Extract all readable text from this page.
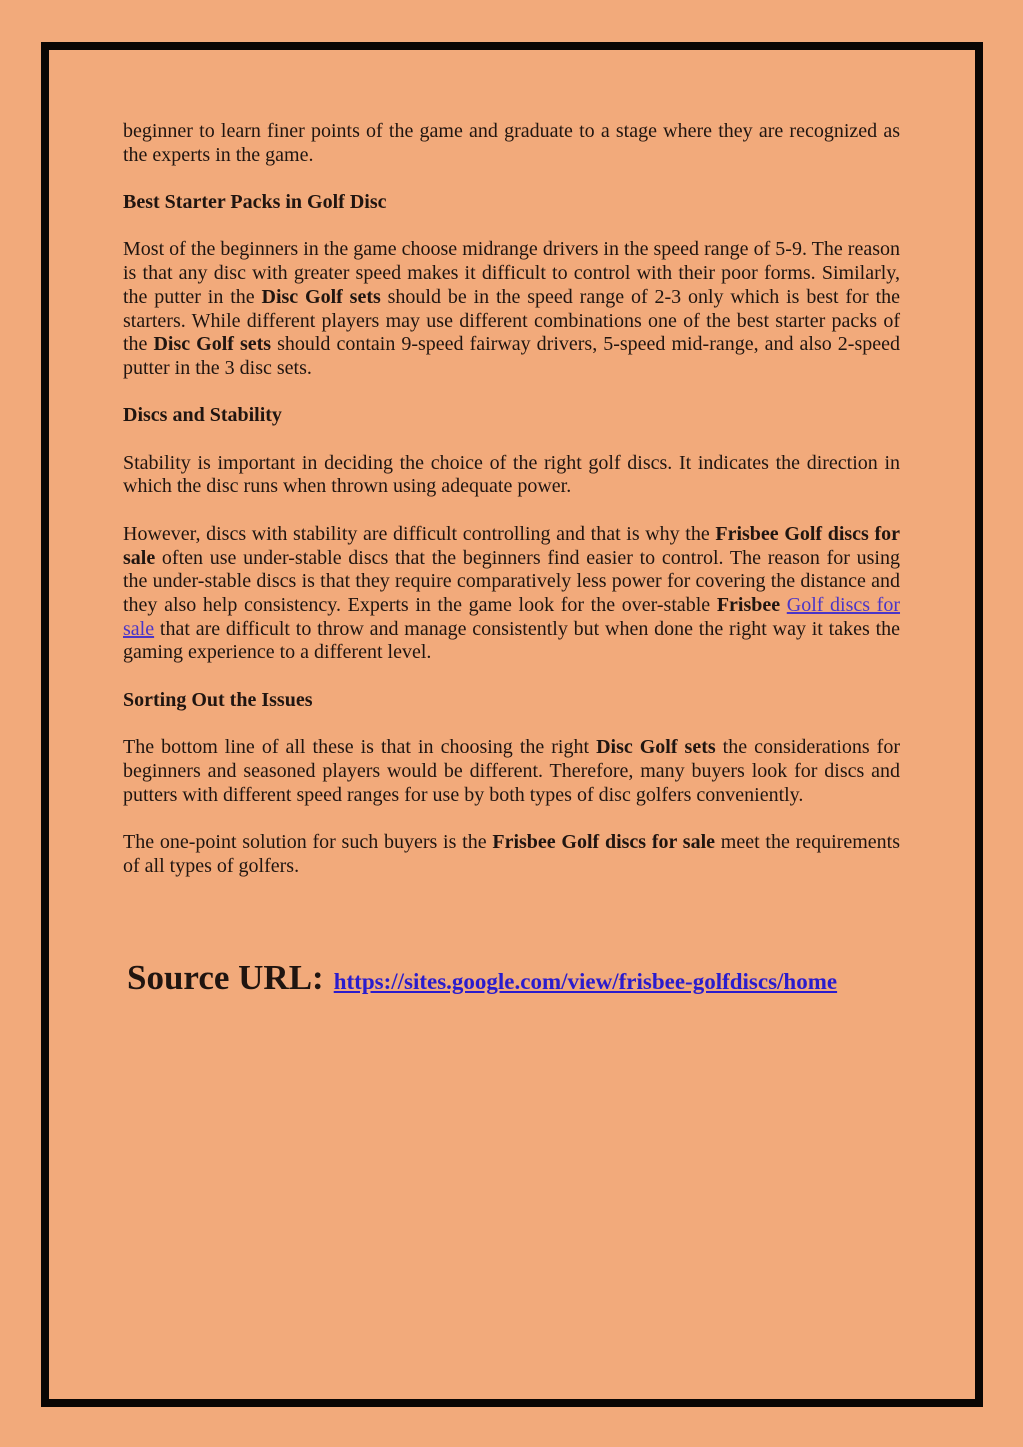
beginner to learn finer points of the game and graduate to a stage where they are recognized as the experts in the game.

Best Starter Packs in Golf Disc

Most of the beginners in the game choose midrange drivers in the speed range of 5-9. The reason is that any disc with greater speed makes it difficult to control with their poor forms. Similarly, the putter in the Disc Golf sets should be in the speed range of 2-3 only which is best for the starters. While different players may use different combinations one of the best starter packs of the Disc Golf sets should contain 9-speed fairway drivers, 5-speed mid-range, and also 2-speed putter in the 3 disc sets.

Discs and Stability

Stability is important in deciding the choice of the right golf discs. It indicates the direction in which the disc runs when thrown using adequate power.

However, discs with stability are difficult controlling and that is why the Frisbee Golf discs for sale often use under-stable discs that the beginners find easier to control. The reason for using the under-stable discs is that they require comparatively less power for covering the distance and they also help consistency. Experts in the game look for the over-stable Frisbee Golf discs for sale that are difficult to throw and manage consistently but when done the right way it takes the gaming experience to a different level.

Sorting Out the Issues

The bottom line of all these is that in choosing the right Disc Golf sets the considerations for beginners and seasoned players would be different. Therefore, many buyers look for discs and putters with different speed ranges for use by both types of disc golfers conveniently.

The one-point solution for such buyers is the Frisbee Golf discs for sale meet the requirements of all types of golfers.

Source URL: https://sites.google.com/view/frisbee-golfdiscs/home
